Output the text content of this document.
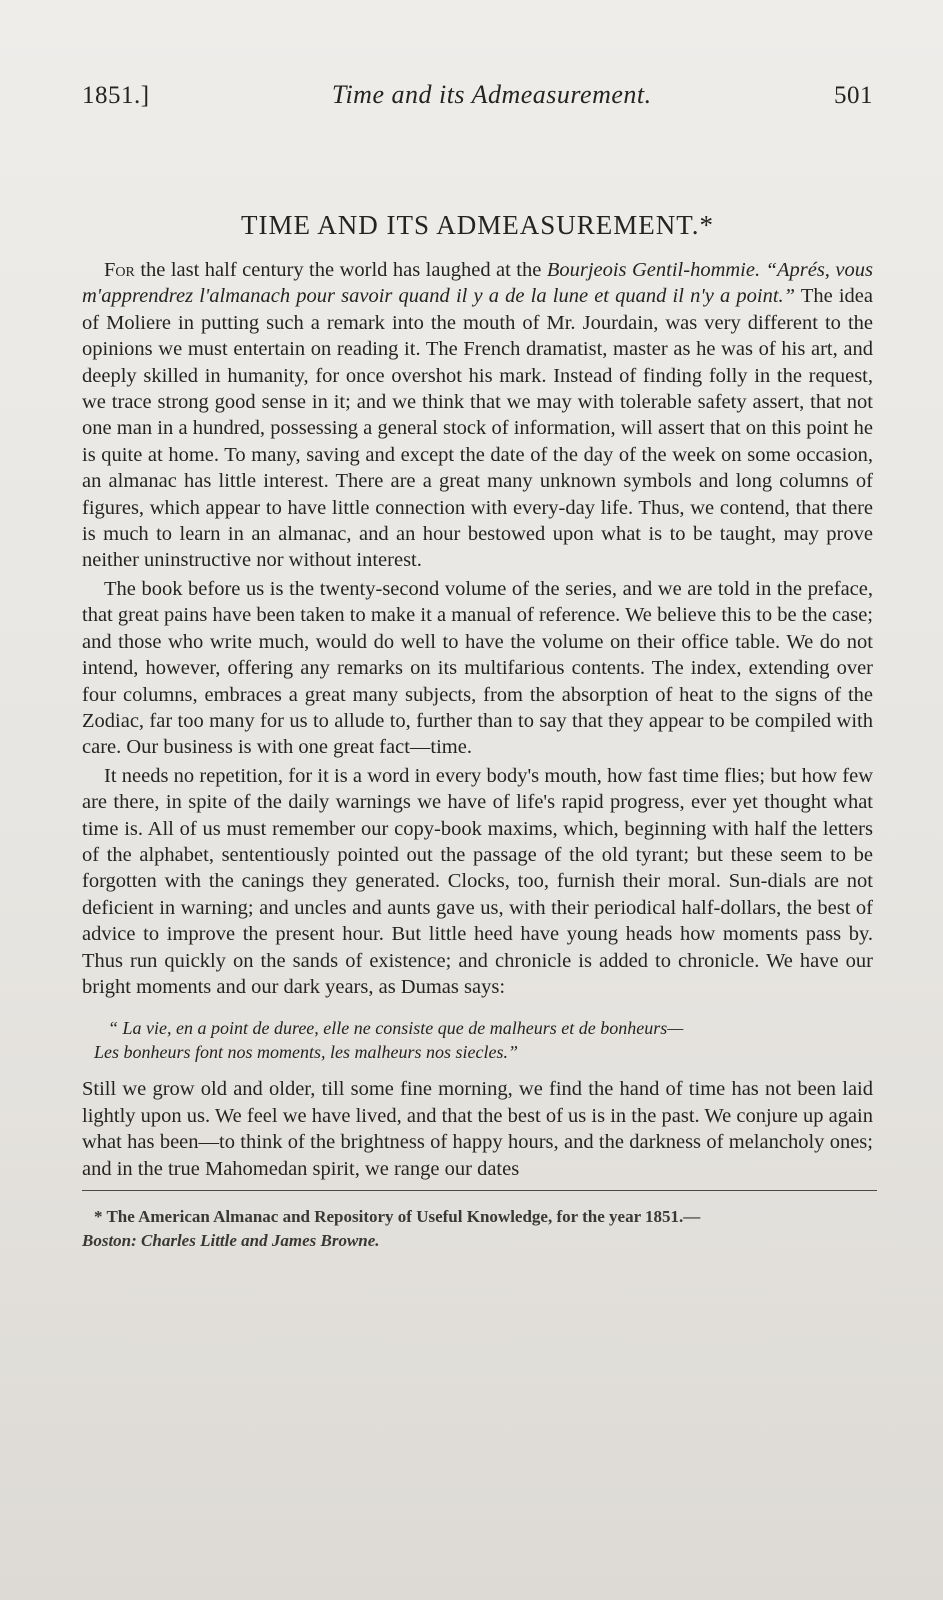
1851.]	Time and its Admeasurement.	501
TIME AND ITS ADMEASUREMENT.*

For the last half century the world has laughed at the Bourjeois Gentil-hommie. “Aprés, vous m'apprendrez l'almanach pour savoir quand il y a de la lune et quand il n'y a point.” The idea of Moliere in putting such a remark into the mouth of Mr. Jourdain, was very different to the opinions we must entertain on reading it. The French dramatist, master as he was of his art, and deeply skilled in humanity, for once overshot his mark. Instead of finding folly in the request, we trace strong good sense in it; and we think that we may with tolerable safety assert, that not one man in a hundred, possessing a general stock of information, will assert that on this point he is quite at home. To many, saving and except the date of the day of the week on some occasion, an almanac has little interest. There are a great many unknown symbols and long columns of figures, which appear to have little connection with every-day life. Thus, we contend, that there is much to learn in an almanac, and an hour bestowed upon what is to be taught, may prove neither uninstructive nor without interest.

The book before us is the twenty-second volume of the series, and we are told in the preface, that great pains have been taken to make it a manual of reference. We believe this to be the case; and those who write much, would do well to have the volume on their office table. We do not intend, however, offering any remarks on its multifarious contents. The index, extending over four columns, embraces a great many subjects, from the absorption of heat to the signs of the Zodiac, far too many for us to allude to, further than to say that they appear to be compiled with care. Our business is with one great fact—time.

It needs no repetition, for it is a word in every body's mouth, how fast time flies; but how few are there, in spite of the daily warnings we have of life's rapid progress, ever yet thought what time is. All of us must remember our copy-book maxims, which, beginning with half the letters of the alphabet, sententiously pointed out the passage of the old tyrant; but these seem to be forgotten with the canings they generated. Clocks, too, furnish their moral. Sun-dials are not deficient in warning; and uncles and aunts gave us, with their periodical half-dollars, the best of advice to improve the present hour. But little heed have young heads how moments pass by. Thus run quickly on the sands of existence; and chronicle is added to chronicle. We have our bright moments and our dark years, as Dumas says:

“ La vie, en a point de duree, elle ne consiste que de malheurs et de bonheurs—
Les bonheurs font nos moments, les malheurs nos siecles.”

Still we grow old and older, till some fine morning, we find the hand of time has not been laid lightly upon us. We feel we have lived, and that the best of us is in the past. We conjure up again what has been—to think of the brightness of happy hours, and the darkness of melancholy ones; and in the true Mahomedan spirit, we range our dates

* The American Almanac and Repository of Useful Knowledge, for the year 1851.—
Boston: Charles Little and James Browne.
